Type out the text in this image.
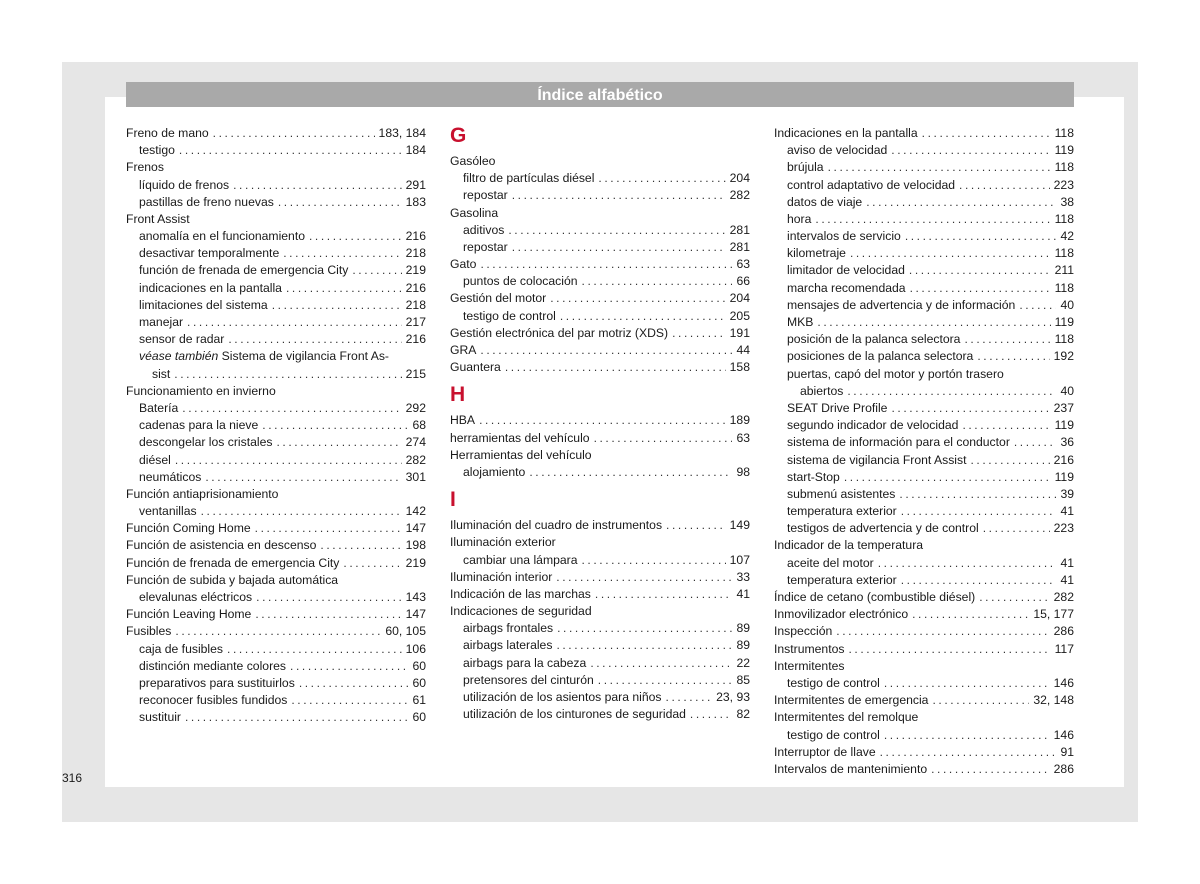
Índice alfabético
Freno de mano .....	183, 184
testigo .....	184
Frenos
líquido de frenos .....	291
pastillas de freno nuevas .....	183
Front Assist
anomalía en el funcionamiento .....	216
desactivar temporalmente .....	218
función de frenada de emergencia City .....	219
indicaciones en la pantalla .....	216
limitaciones del sistema .....	218
manejar .....	217
sensor de radar .....	216
véase también Sistema de vigilancia Front As-
sist .....	215
Funcionamiento en invierno
Batería .....	292
cadenas para la nieve .....	68
descongelar los cristales .....	274
diésel .....	282
neumáticos .....	301
Función antiaprisionamiento
ventanillas .....	142
Función Coming Home .....	147
Función de asistencia en descenso .....	198
Función de frenada de emergencia City .....	219
Función de subida y bajada automática
elevalunas eléctricos .....	143
Función Leaving Home .....	147
Fusibles .....	60, 105
caja de fusibles .....	106
distinción mediante colores .....	60
preparativos para sustituirlos .....	60
reconocer fusibles fundidos .....	61
sustituir .....	60
G
Gasóleo
filtro de partículas diésel .....	204
repostar .....	282
Gasolina
aditivos .....	281
repostar .....	281
Gato .....	63
puntos de colocación .....	66
Gestión del motor .....	204
testigo de control .....	205
Gestión electrónica del par motriz (XDS) .....	191
GRA .....	44
Guantera .....	158
H
HBA .....	189
herramientas del vehículo .....	63
Herramientas del vehículo
alojamiento .....	98
I
Iluminación del cuadro de instrumentos .....	149
Iluminación exterior
cambiar una lámpara .....	107
Iluminación interior .....	33
Indicación de las marchas .....	41
Indicaciones de seguridad
airbags frontales .....	89
airbags laterales .....	89
airbags para la cabeza .....	22
pretensores del cinturón .....	85
utilización de los asientos para niños .....	23, 93
utilización de los cinturones de seguridad .....	82
Indicaciones en la pantalla .....	118
aviso de velocidad .....	119
brújula .....	118
control adaptativo de velocidad .....	223
datos de viaje .....	38
hora .....	118
intervalos de servicio .....	42
kilometraje .....	118
limitador de velocidad .....	211
marcha recomendada .....	118
mensajes de advertencia y de información .....	40
MKB .....	119
posición de la palanca selectora .....	118
posiciones de la palanca selectora .....	192
puertas, capó del motor y portón trasero
abiertos .....	40
SEAT Drive Profile .....	237
segundo indicador de velocidad .....	119
sistema de información para el conductor .....	36
sistema de vigilancia Front Assist .....	216
start-Stop .....	119
submenú asistentes .....	39
temperatura exterior .....	41
testigos de advertencia y de control .....	223
Indicador de la temperatura
aceite del motor .....	41
temperatura exterior .....	41
Índice de cetano (combustible diésel) .....	282
Inmovilizador electrónico .....	15, 177
Inspección .....	286
Instrumentos .....	117
Intermitentes
testigo de control .....	146
Intermitentes de emergencia .....	32, 148
Intermitentes del remolque
testigo de control .....	146
Interruptor de llave .....	91
Intervalos de mantenimiento .....	286
316
